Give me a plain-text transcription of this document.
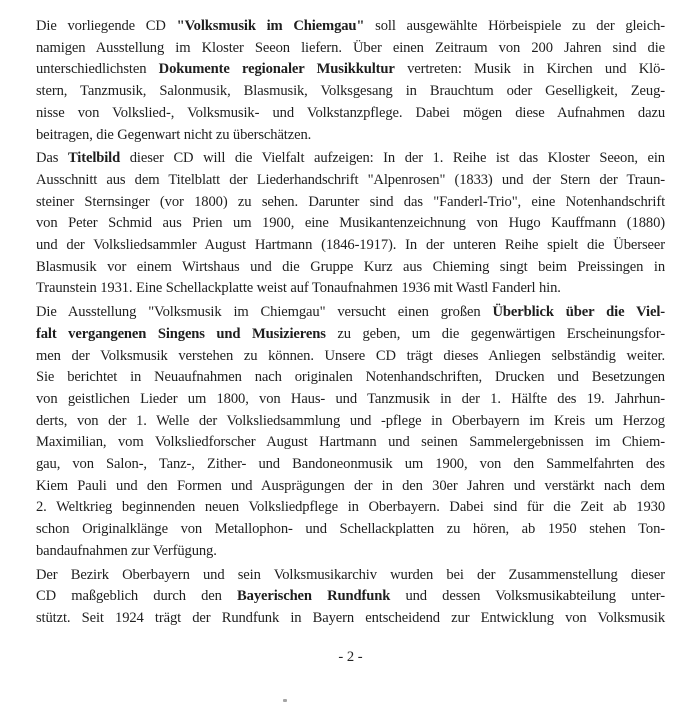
Die vorliegende CD "Volksmusik im Chiemgau" soll ausgewählte Hörbeispiele zu der gleich-
namigen Ausstellung im Kloster Seeon liefern. Über einen Zeitraum von 200 Jahren sind die
unterschiedlichsten Dokumente regionaler Musikkultur vertreten: Musik in Kirchen und Klö-
stern, Tanzmusik, Salonmusik, Blasmusik, Volksgesang in Brauchtum oder Geselligkeit, Zeug-
nisse von Volkslied-, Volksmusik- und Volkstanzpflege. Dabei mögen diese Aufnahmen dazu
beitragen, die Gegenwart nicht zu überschätzen.
Das Titelbild dieser CD will die Vielfalt aufzeigen: In der 1. Reihe ist das Kloster Seeon, ein
Ausschnitt aus dem Titelblatt der Liederhandschrift "Alpenrosen" (1833) und der Stern der Traun-
steiner Sternsinger (vor 1800) zu sehen. Darunter sind das "Fanderl-Trio", eine Notenhandschrift
von Peter Schmid aus Prien um 1900, eine Musikantenzeichnung von Hugo Kauffmann (1880)
und der Volksliedsammler August Hartmann (1846-1917). In der unteren Reihe spielt die Überseer
Blasmusik vor einem Wirtshaus und die Gruppe Kurz aus Chieming singt beim Preissingen in
Traunstein 1931. Eine Schellackplatte weist auf Tonaufnahmen 1936 mit Wastl Fanderl hin.
Die Ausstellung "Volksmusik im Chiemgau" versucht einen großen Überblick über die Viel-
falt vergangenen Singens und Musizierens zu geben, um die gegenwärtigen Erscheinungsfor-
men der Volksmusik verstehen zu können. Unsere CD trägt dieses Anliegen selbständig weiter.
Sie berichtet in Neuaufnahmen nach originalen Notenhandschriften, Drucken und Besetzungen
von geistlichen Lieder um 1800, von Haus- und Tanzmusik in der 1. Hälfte des 19. Jahrhun-
derts, von der 1. Welle der Volksliedsammlung und -pflege in Oberbayern im Kreis um Herzog
Maximilian, vom Volksliedforscher August Hartmann und seinen Sammelergebnissen im Chiem-
gau, von Salon-, Tanz-, Zither- und Bandoneonmusik um 1900, von den Sammelfahrten des
Kiem Pauli und den Formen und Ausprägungen der in den 30er Jahren und verstärkt nach dem
2. Weltkrieg beginnenden neuen Volksliedpflege in Oberbayern. Dabei sind für die Zeit ab 1930
schon Originalklänge von Metallophon- und Schellackplatten zu hören, ab 1950 stehen Ton-
bandaufnahmen zur Verfügung.
Der Bezirk Oberbayern und sein Volksmusikarchiv wurden bei der Zusammenstellung dieser
CD maßgeblich durch den Bayerischen Rundfunk und dessen Volksmusikabteilung unter-
stützt. Seit 1924 trägt der Rundfunk in Bayern entscheidend zur Entwicklung von Volksmusik
- 2 -
